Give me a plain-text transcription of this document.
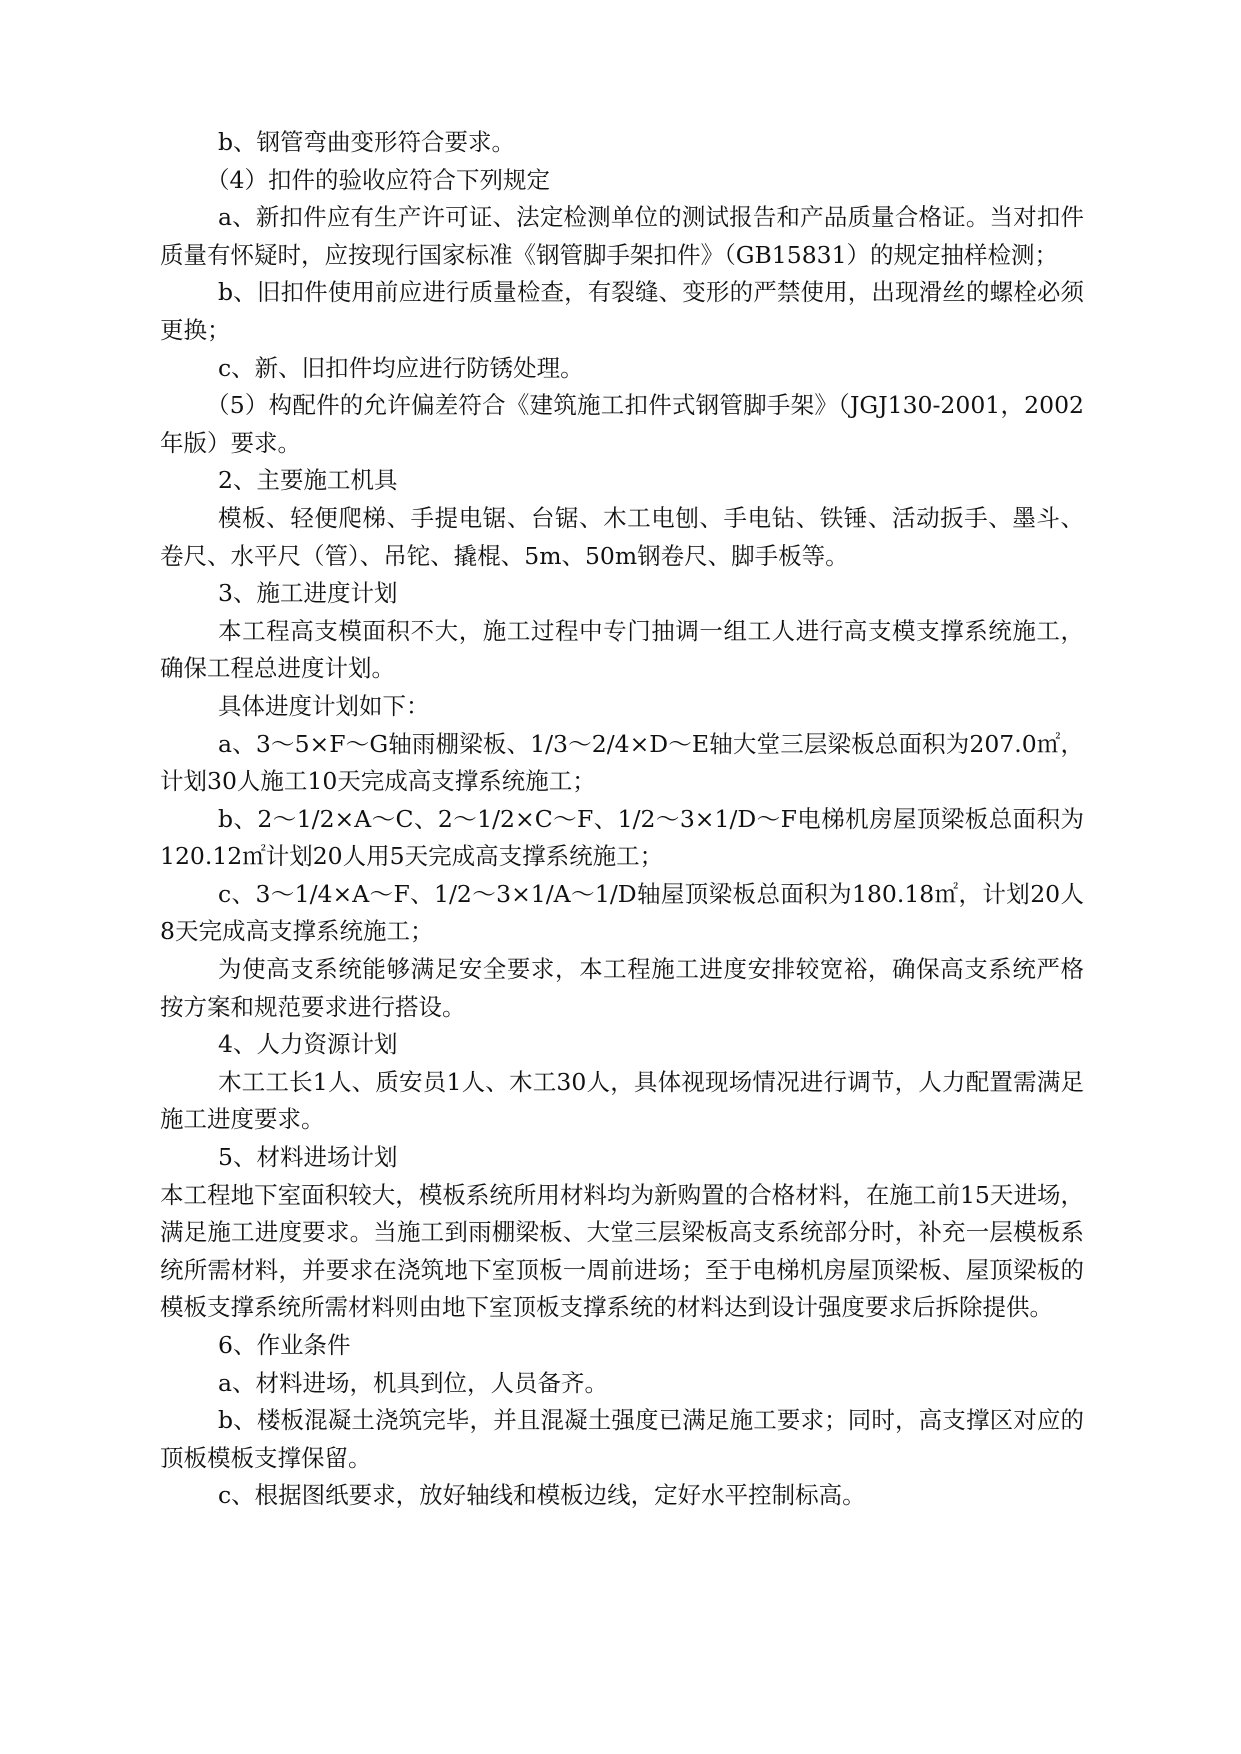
b、钢管弯曲变形符合要求。

（4）扣件的验收应符合下列规定

a、新扣件应有生产许可证、法定检测单位的测试报告和产品质量合格证。当对扣件质量有怀疑时，应按现行国家标准《钢管脚手架扣件》（GB15831）的规定抽样检测；

b、旧扣件使用前应进行质量检查，有裂缝、变形的严禁使用，出现滑丝的螺栓必须更换；

c、新、旧扣件均应进行防锈处理。

（5）构配件的允许偏差符合《建筑施工扣件式钢管脚手架》（JGJ130-2001，2002年版）要求。

2、主要施工机具

模板、轻便爬梯、手提电锯、台锯、木工电刨、手电钻、铁锤、活动扳手、墨斗、卷尺、水平尺（管）、吊铊、撬棍、5m、50m钢卷尺、脚手板等。

3、施工进度计划

本工程高支模面积不大，施工过程中专门抽调一组工人进行高支模支撑系统施工，确保工程总进度计划。

具体进度计划如下：

a、3～5×F～G轴雨棚梁板、1/3～2/4×D～E轴大堂三层梁板总面积为207.0㎡，计划30人施工10天完成高支撑系统施工；

b、2～1/2×A～C、2～1/2×C～F、1/2～3×1/D～F电梯机房屋顶梁板总面积为120.12㎡计划20人用5天完成高支撑系统施工；

c、3～1/4×A～F、1/2～3×1/A～1/D轴屋顶梁板总面积为180.18㎡，计划20人8天完成高支撑系统施工；

为使高支系统能够满足安全要求，本工程施工进度安排较宽裕，确保高支系统严格按方案和规范要求进行搭设。

4、人力资源计划

木工工长1人、质安员1人、木工30人，具体视现场情况进行调节，人力配置需满足施工进度要求。

5、材料进场计划

本工程地下室面积较大，模板系统所用材料均为新购置的合格材料，在施工前15天进场，满足施工进度要求。当施工到雨棚梁板、大堂三层梁板高支系统部分时，补充一层模板系统所需材料，并要求在浇筑地下室顶板一周前进场；至于电梯机房屋顶梁板、屋顶梁板的模板支撑系统所需材料则由地下室顶板支撑系统的材料达到设计强度要求后拆除提供。

6、作业条件

a、材料进场，机具到位，人员备齐。

b、楼板混凝土浇筑完毕，并且混凝土强度已满足施工要求；同时，高支撑区对应的顶板模板支撑保留。

c、根据图纸要求，放好轴线和模板边线，定好水平控制标高。
